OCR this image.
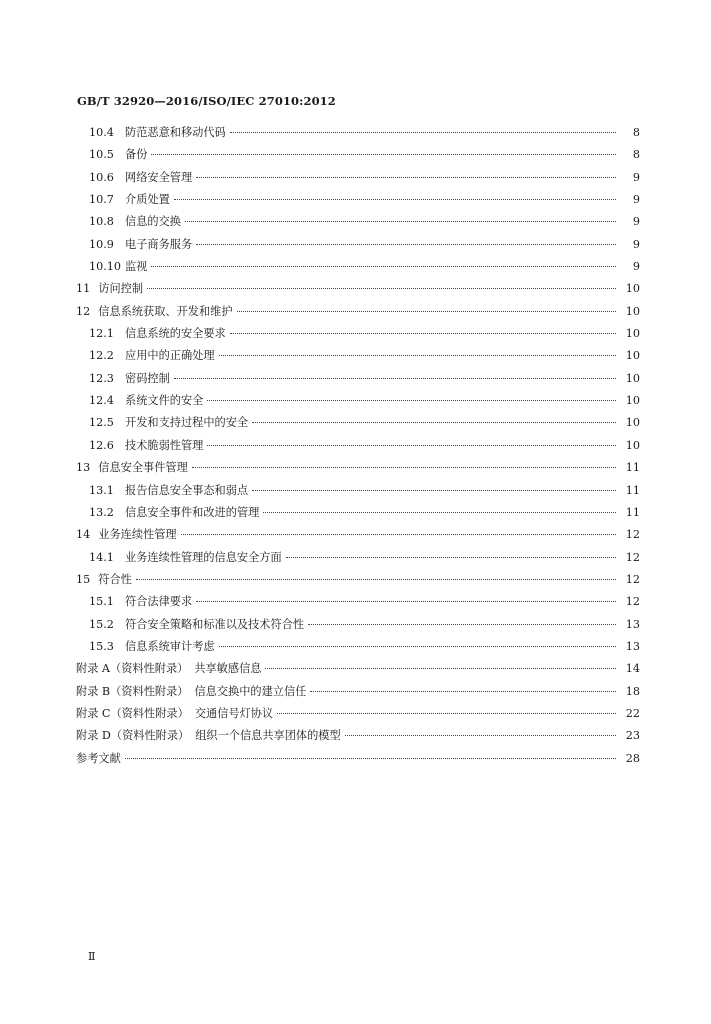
GB/T 32920—2016/ISO/IEC 27010:2012
10.4 防范恶意和移动代码	8
10.5 备份	8
10.6 网络安全管理	9
10.7 介质处置	9
10.8 信息的交换	9
10.9 电子商务服务	9
10.10 监视	9
11 访问控制	10
12 信息系统获取、开发和维护	10
12.1 信息系统的安全要求	10
12.2 应用中的正确处理	10
12.3 密码控制	10
12.4 系统文件的安全	10
12.5 开发和支持过程中的安全	10
12.6 技术脆弱性管理	10
13 信息安全事件管理	11
13.1 报告信息安全事态和弱点	11
13.2 信息安全事件和改进的管理	11
14 业务连续性管理	12
14.1 业务连续性管理的信息安全方面	12
15 符合性	12
15.1 符合法律要求	12
15.2 符合安全策略和标准以及技术符合性	13
15.3 信息系统审计考虑	13
附录 A（资料性附录） 共享敏感信息	14
附录 B（资料性附录） 信息交换中的建立信任	18
附录 C（资料性附录） 交通信号灯协议	22
附录 D（资料性附录） 组织一个信息共享团体的模型	23
参考文献	28
Ⅱ
